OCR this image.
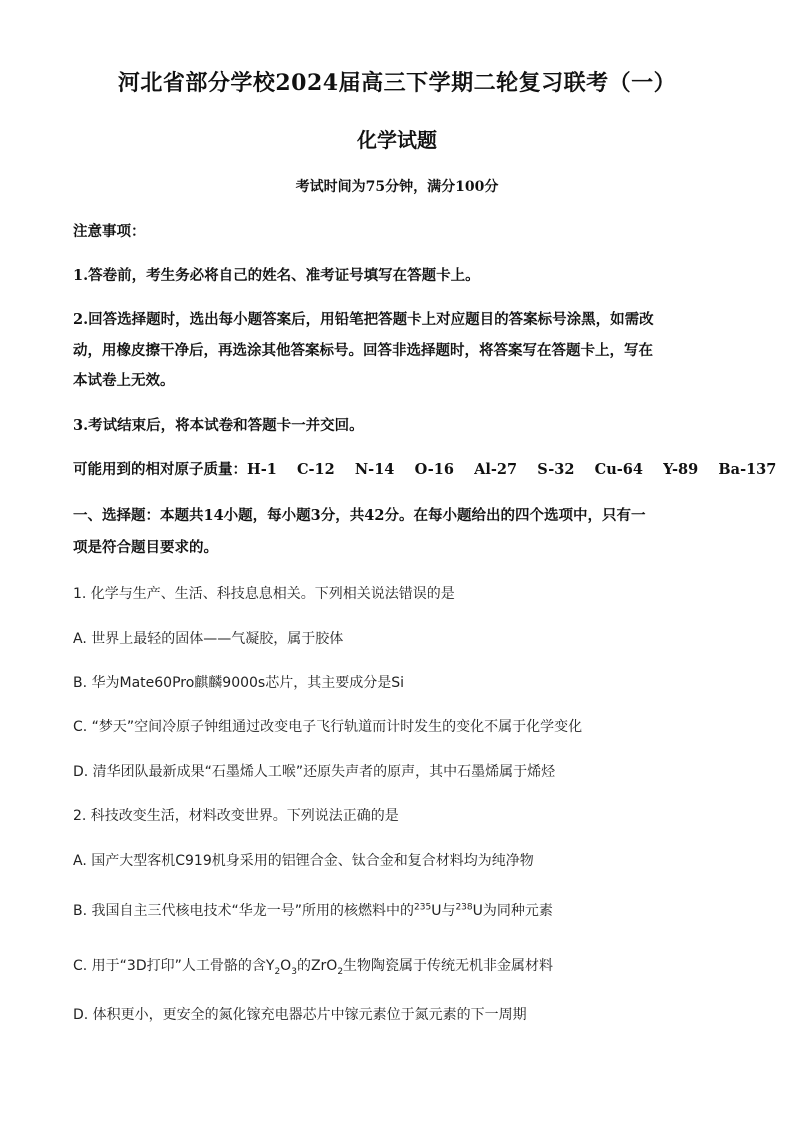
河北省部分学校2024届高三下学期二轮复习联考（一）
化学试题
考试时间为75分钟，满分100分
注意事项：
1.答卷前，考生务必将自己的姓名、准考证号填写在答题卡上。
2.回答选择题时，选出每小题答案后，用铅笔把答题卡上对应题目的答案标号涂黑，如需改
动，用橡皮擦干净后，再选涂其他答案标号。回答非选择题时，将答案写在答题卡上，写在
本试卷上无效。
3.考试结束后，将本试卷和答题卡一并交回。
可能用到的相对原子质量：H-1    C-12    N-14    O-16    Al-27    S-32    Cu-64    Y-89    Ba-137
一、选择题：本题共14小题，每小题3分，共42分。在每小题给出的四个选项中，只有一
项是符合题目要求的。
1. 化学与生产、生活、科技息息相关。下列相关说法错误的是
A. 世界上最轻的固体——气凝胶，属于胶体
B. 华为Mate60Pro麒麟9000s芯片，其主要成分是Si
C. “梦天”空间冷原子钟组通过改变电子飞行轨道而计时发生的变化不属于化学变化
D. 清华团队最新成果“石墨烯人工喉”还原失声者的原声，其中石墨烯属于烯烃
2. 科技改变生活，材料改变世界。下列说法正确的是
A. 国产大型客机C919机身采用的铝锂合金、钛合金和复合材料均为纯净物
B. 我国自主三代核电技术“华龙一号”所用的核燃料中的$^{235}$U与$^{238}$U为同种元素
C. 用于“3D打印”人工骨骼的含$Y_2O_3$的ZrO$_2$生物陶瓷属于传统无机非金属材料
D. 体积更小，更安全的氮化镓充电器芯片中镓元素位于氮元素的下一周期
